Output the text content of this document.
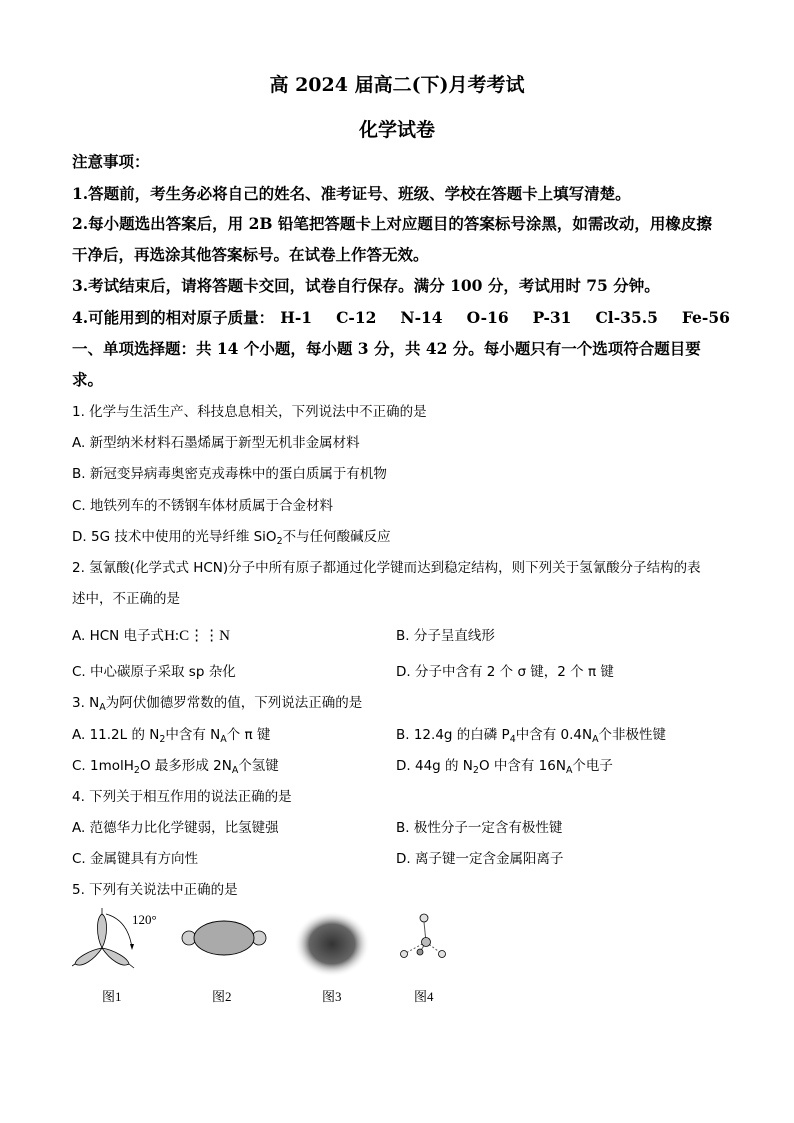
高 2024 届高二(下)月考考试
化学试卷
注意事项：
1.答题前，考生务必将自己的姓名、准考证号、班级、学校在答题卡上填写清楚。
2.每小题选出答案后，用 2B 铅笔把答题卡上对应题目的答案标号涂黑，如需改动，用橡皮擦
干净后，再选涂其他答案标号。在试卷上作答无效。
3.考试结束后，请将答题卡交回，试卷自行保存。满分 100 分，考试用时 75 分钟。
4.可能用到的相对原子质量： H-1 C-12 N-14 O-16 P-31 Cl-35.5 Fe-56
一、单项选择题：共 14 个小题，每小题 3 分，共 42 分。每小题只有一个选项符合题目要
求。
1. 化学与生活生产、科技息息相关，下列说法中不正确的是
A. 新型纳米材料石墨烯属于新型无机非金属材料
B. 新冠变异病毒奥密克戎毒株中的蛋白质属于有机物
C. 地铁列车的不锈钢车体材质属于合金材料
D. 5G 技术中使用的光导纤维 SiO$_2$不与任何酸碱反应
2. 氢氰酸(化学式式 HCN)分子中所有原子都通过化学键而达到稳定结构，则下列关于氢氰酸分子结构的表
述中，不正确的是
A. HCN 电子式H:C⋮⋮N	B. 分子呈直线形
C. 中心碳原子采取 sp 杂化	D. 分子中含有 2 个 σ 键，2 个 π 键
3. $N_A$为阿伏伽德罗常数的值，下列说法正确的是
A. 11.2L 的 $N_2$中含有 $N_A$个 π 键	B. 12.4g 的白磷 $P_4$中含有 $0.4N_A$个非极性键
C. 1molH$_2$O 最多形成 $2N_A$个氢键	D. 44g 的 $N_2O$ 中含有 $16N_A$个电子
4. 下列关于相互作用的说法正确的是
A. 范德华力比化学键弱，比氢键强	B. 极性分子一定含有极性键
C. 金属键具有方向性	D. 离子键一定含金属阳离子
5. 下列有关说法中正确的是
120°
图1	图2	图3	图4
